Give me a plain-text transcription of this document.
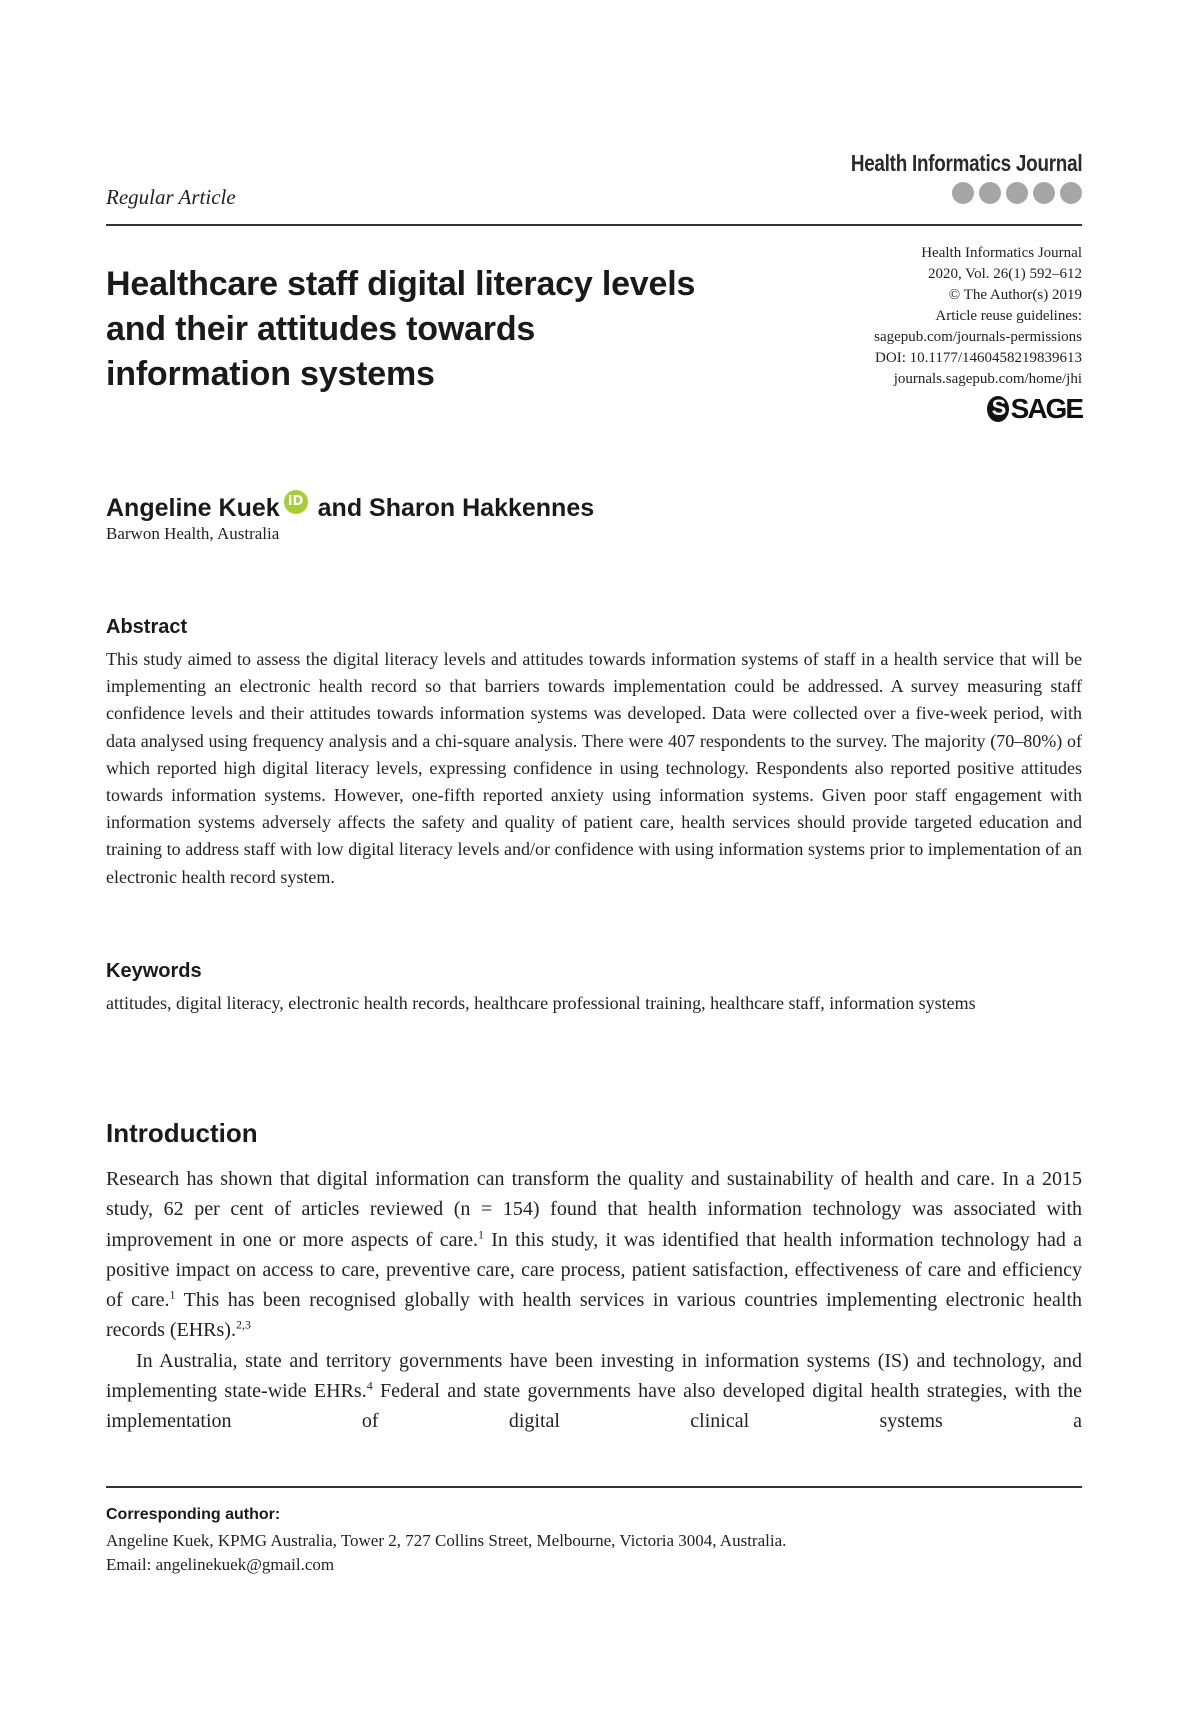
Health Informatics Journal
Regular Article
Healthcare staff digital literacy levels and their attitudes towards information systems
Health Informatics Journal
2020, Vol. 26(1) 592–612
© The Author(s) 2019
Article reuse guidelines:
sagepub.com/journals-permissions
DOI: 10.1177/1460458219839613
journals.sagepub.com/home/jhi
S
SAGE
Angeline Kuek iD and Sharon Hakkennes
Barwon Health, Australia
Abstract

This study aimed to assess the digital literacy levels and attitudes towards information systems of staff in a health service that will be implementing an electronic health record so that barriers towards implementation could be addressed. A survey measuring staff confidence levels and their attitudes towards information systems was developed. Data were collected over a five-week period, with data analysed using frequency analysis and a chi-square analysis. There were 407 respondents to the survey. The majority (70–80%) of which reported high digital literacy levels, expressing confidence in using technology. Respondents also reported positive attitudes towards information systems. However, one-fifth reported anxiety using information systems. Given poor staff engagement with information systems adversely affects the safety and quality of patient care, health services should provide targeted education and training to address staff with low digital literacy levels and/or confidence with using information systems prior to implementation of an electronic health record system.

Keywords

attitudes, digital literacy, electronic health records, healthcare professional training, healthcare staff, information systems

Introduction

Research has shown that digital information can transform the quality and sustainability of health and care. In a 2015 study, 62 per cent of articles reviewed (n = 154) found that health information technology was associated with improvement in one or more aspects of care.$^1$ In this study, it was identified that health information technology had a positive impact on access to care, preventive care, care process, patient satisfaction, effectiveness of care and efficiency of care.$^1$ This has been recognised globally with health services in various countries implementing electronic health records (EHRs).$^{2,3}$

In Australia, state and territory governments have been investing in information systems (IS) and technology, and implementing state-wide EHRs.$^4$ Federal and state governments have also developed digital health strategies, with the implementation of digital clinical systems a

Corresponding author:
Angeline Kuek, KPMG Australia, Tower 2, 727 Collins Street, Melbourne, Victoria 3004, Australia.
Email: angelinekuek@gmail.com
